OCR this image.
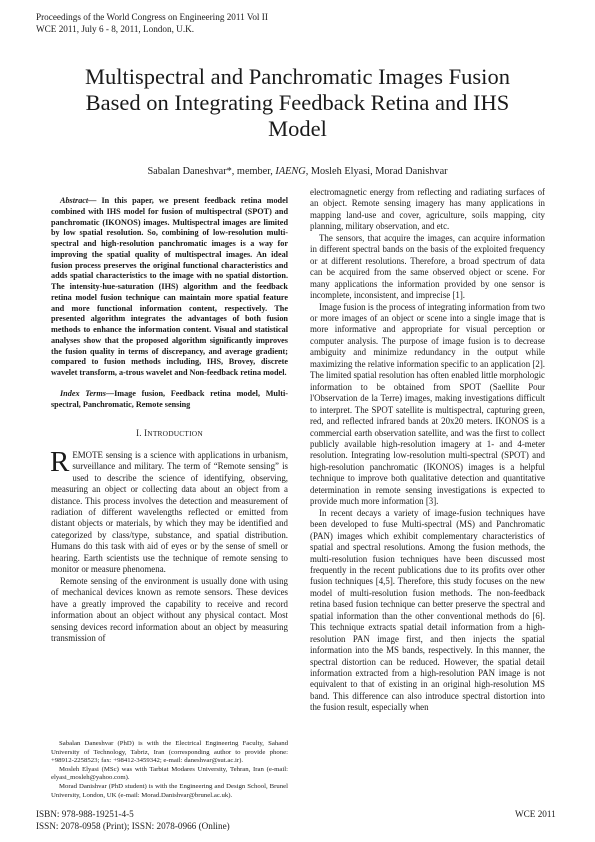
Proceedings of the World Congress on Engineering 2011 Vol II
WCE 2011, July 6 - 8, 2011, London, U.K.
Multispectral and Panchromatic Images Fusion
Based on Integrating Feedback Retina and IHS
Model
Sabalan Daneshvar*, member, IAENG, Mosleh Elyasi, Morad Danishvar

Abstract— In this paper, we present feedback retina model combined with IHS model for fusion of multispectral (SPOT) and panchromatic (IKONOS) images. Multispectral images are limited by low spatial resolution. So, combining of low-resolution multi-spectral and high-resolution panchromatic images is a way for improving the spatial quality of multispectral images. An ideal fusion process preserves the original functional characteristics and adds spatial characteristics to the image with no spatial distortion. The intensity-hue-saturation (IHS) algorithm and the feedback retina model fusion technique can maintain more spatial feature and more functional information content, respectively. The presented algorithm integrates the advantages of both fusion methods to enhance the information content. Visual and statistical analyses show that the proposed algorithm significantly improves the fusion quality in terms of discrepancy, and average gradient; compared to fusion methods including, IHS, Brovey, discrete wavelet transform, a-trous wavelet and Non-feedback retina model.

Index Terms—Image fusion, Feedback retina model, Multi-spectral, Panchromatic, Remote sensing

I. INTRODUCTION

REMOTE sensing is a science with applications in urbanism, surveillance and military. The term of “Remote sensing” is used to describe the science of identifying, observing, measuring an object or collecting data about an object from a distance. This process involves the detection and measurement of radiation of different wavelengths reflected or emitted from distant objects or materials, by which they may be identified and categorized by class/type, substance, and spatial distribution. Humans do this task with aid of eyes or by the sense of smell or hearing. Earth scientists use the technique of remote sensing to monitor or measure phenomena.

Remote sensing of the environment is usually done with using of mechanical devices known as remote sensors. These devices have a greatly improved the capability to receive and record information about an object without any physical contact. Most sensing devices record information about an object by measuring transmission of

electromagnetic energy from reflecting and radiating surfaces of an object. Remote sensing imagery has many applications in mapping land-use and cover, agriculture, soils mapping, city planning, military observation, and etc.

The sensors, that acquire the images, can acquire information in different spectral bands on the basis of the exploited frequency or at different resolutions. Therefore, a broad spectrum of data can be acquired from the same observed object or scene. For many applications the information provided by one sensor is incomplete, inconsistent, and imprecise [1].

Image fusion is the process of integrating information from two or more images of an object or scene into a single image that is more informative and appropriate for visual perception or computer analysis. The purpose of image fusion is to decrease ambiguity and minimize redundancy in the output while maximizing the relative information specific to an application [2]. The limited spatial resolution has often enabled little morphologic information to be obtained from SPOT (Saellite Pour l'Observation de la Terre) images, making investigations difficult to interpret. The SPOT satellite is multispectral, capturing green, red, and reflected infrared bands at 20x20 meters. IKONOS is a commercial earth observation satellite, and was the first to collect publicly available high-resolution imagery at 1- and 4-meter resolution. Integrating low-resolution multi-spectral (SPOT) and high-resolution panchromatic (IKONOS) images is a helpful technique to improve both qualitative detection and quantitative determination in remote sensing investigations is expected to provide much more information [3].

In recent decays a variety of image-fusion techniques have been developed to fuse Multi-spectral (MS) and Panchromatic (PAN) images which exhibit complementary characteristics of spatial and spectral resolutions. Among the fusion methods, the multi-resolution fusion techniques have been discussed most frequently in the recent publications due to its profits over other fusion techniques [4,5]. Therefore, this study focuses on the new model of multi-resolution fusion methods. The non-feedback retina based fusion technique can better preserve the spectral and spatial information than the other conventional methods do [6]. This technique extracts spatial detail information from a high-resolution PAN image first, and then injects the spatial information into the MS bands, respectively. In this manner, the spectral distortion can be reduced. However, the spatial detail information extracted from a high-resolution PAN image is not equivalent to that of existing in an original high-resolution MS band. This difference can also introduce spectral distortion into the fusion result, especially when

Sabalan Daneshvar (PhD) is with the Electrical Engineering Faculty, Sahand University of Technology, Tabriz, Iran (corresponding author to provide phone: +98912-2258523; fax: +98412-3459342; e-mail: daneshvar@sut.ac.ir).

Mosleh Elyasi (MSc) was with Tarbiat Modares University, Tehran, Iran (e-mail: elyasi_mosleh@yahoo.com).

Morad Danishvar (PhD student) is with the Engineering and Design School, Brunel University, London, UK (e-mail: Morad.Danishvar@brunel.ac.uk).

ISBN: 978-988-19251-4-5
ISSN: 2078-0958 (Print); ISSN: 2078-0966 (Online)
WCE 2011
